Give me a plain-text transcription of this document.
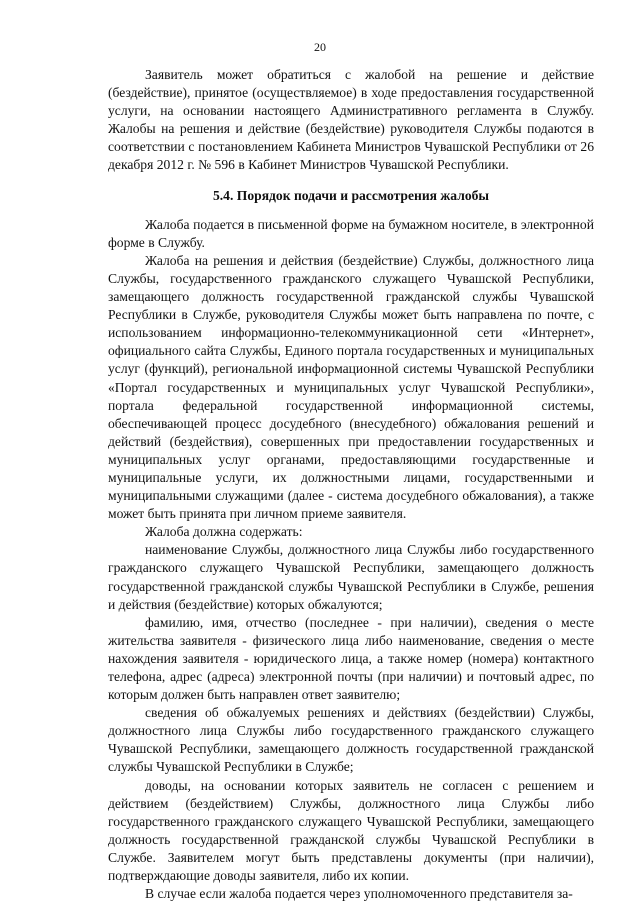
20

Заявитель может обратиться с жалобой на решение и действие (бездействие), принятое (осуществляемое) в ходе предоставления государственной услуги, на основании настоящего Административного регламента в Службу. Жалобы на решения и действие (бездействие) руководителя Службы подаются в соответствии с постановлением Кабинета Министров Чувашской Республики от 26 декабря 2012 г. № 596 в Кабинет Министров Чувашской Республики.

5.4. Порядок подачи и рассмотрения жалобы

Жалоба подается в письменной форме на бумажном носителе, в электронной форме в Службу.

Жалоба на решения и действия (бездействие) Службы, должностного лица Службы, государственного гражданского служащего Чувашской Республики, замещающего должность государственной гражданской службы Чувашской Республики в Службе, руководителя Службы может быть направлена по почте, с использованием информационно-телекоммуникационной сети «Интернет», официального сайта Службы, Единого портала государственных и муниципальных услуг (функций), региональной информационной системы Чувашской Республики «Портал государственных и муниципальных услуг Чувашской Республики», портала федеральной государственной информационной системы, обеспечивающей процесс досудебного (внесудебного) обжалования решений и действий (бездействия), совершенных при предоставлении государственных и муниципальных услуг органами, предоставляющими государственные и муниципальные услуги, их должностными лицами, государственными и муниципальными служащими (далее - система досудебного обжалования), а также может быть принята при личном приеме заявителя.

Жалоба должна содержать:

наименование Службы, должностного лица Службы либо государственного гражданского служащего Чувашской Республики, замещающего должность государственной гражданской службы Чувашской Республики в Службе, решения и действия (бездействие) которых обжалуются;

фамилию, имя, отчество (последнее - при наличии), сведения о месте жительства заявителя - физического лица либо наименование, сведения о месте нахождения заявителя - юридического лица, а также номер (номера) контактного телефона, адрес (адреса) электронной почты (при наличии) и почтовый адрес, по которым должен быть направлен ответ заявителю;

сведения об обжалуемых решениях и действиях (бездействии) Службы, должностного лица Службы либо государственного гражданского служащего Чувашской Республики, замещающего должность государственной гражданской службы Чувашской Республики в Службе;

доводы, на основании которых заявитель не согласен с решением и действием (бездействием) Службы, должностного лица Службы либо государственного гражданского служащего Чувашской Республики, замещающего должность государственной гражданской службы Чувашской Республики в Службе. Заявителем могут быть представлены документы (при наличии), подтверждающие доводы заявителя, либо их копии.

В случае если жалоба подается через уполномоченного представителя за-
